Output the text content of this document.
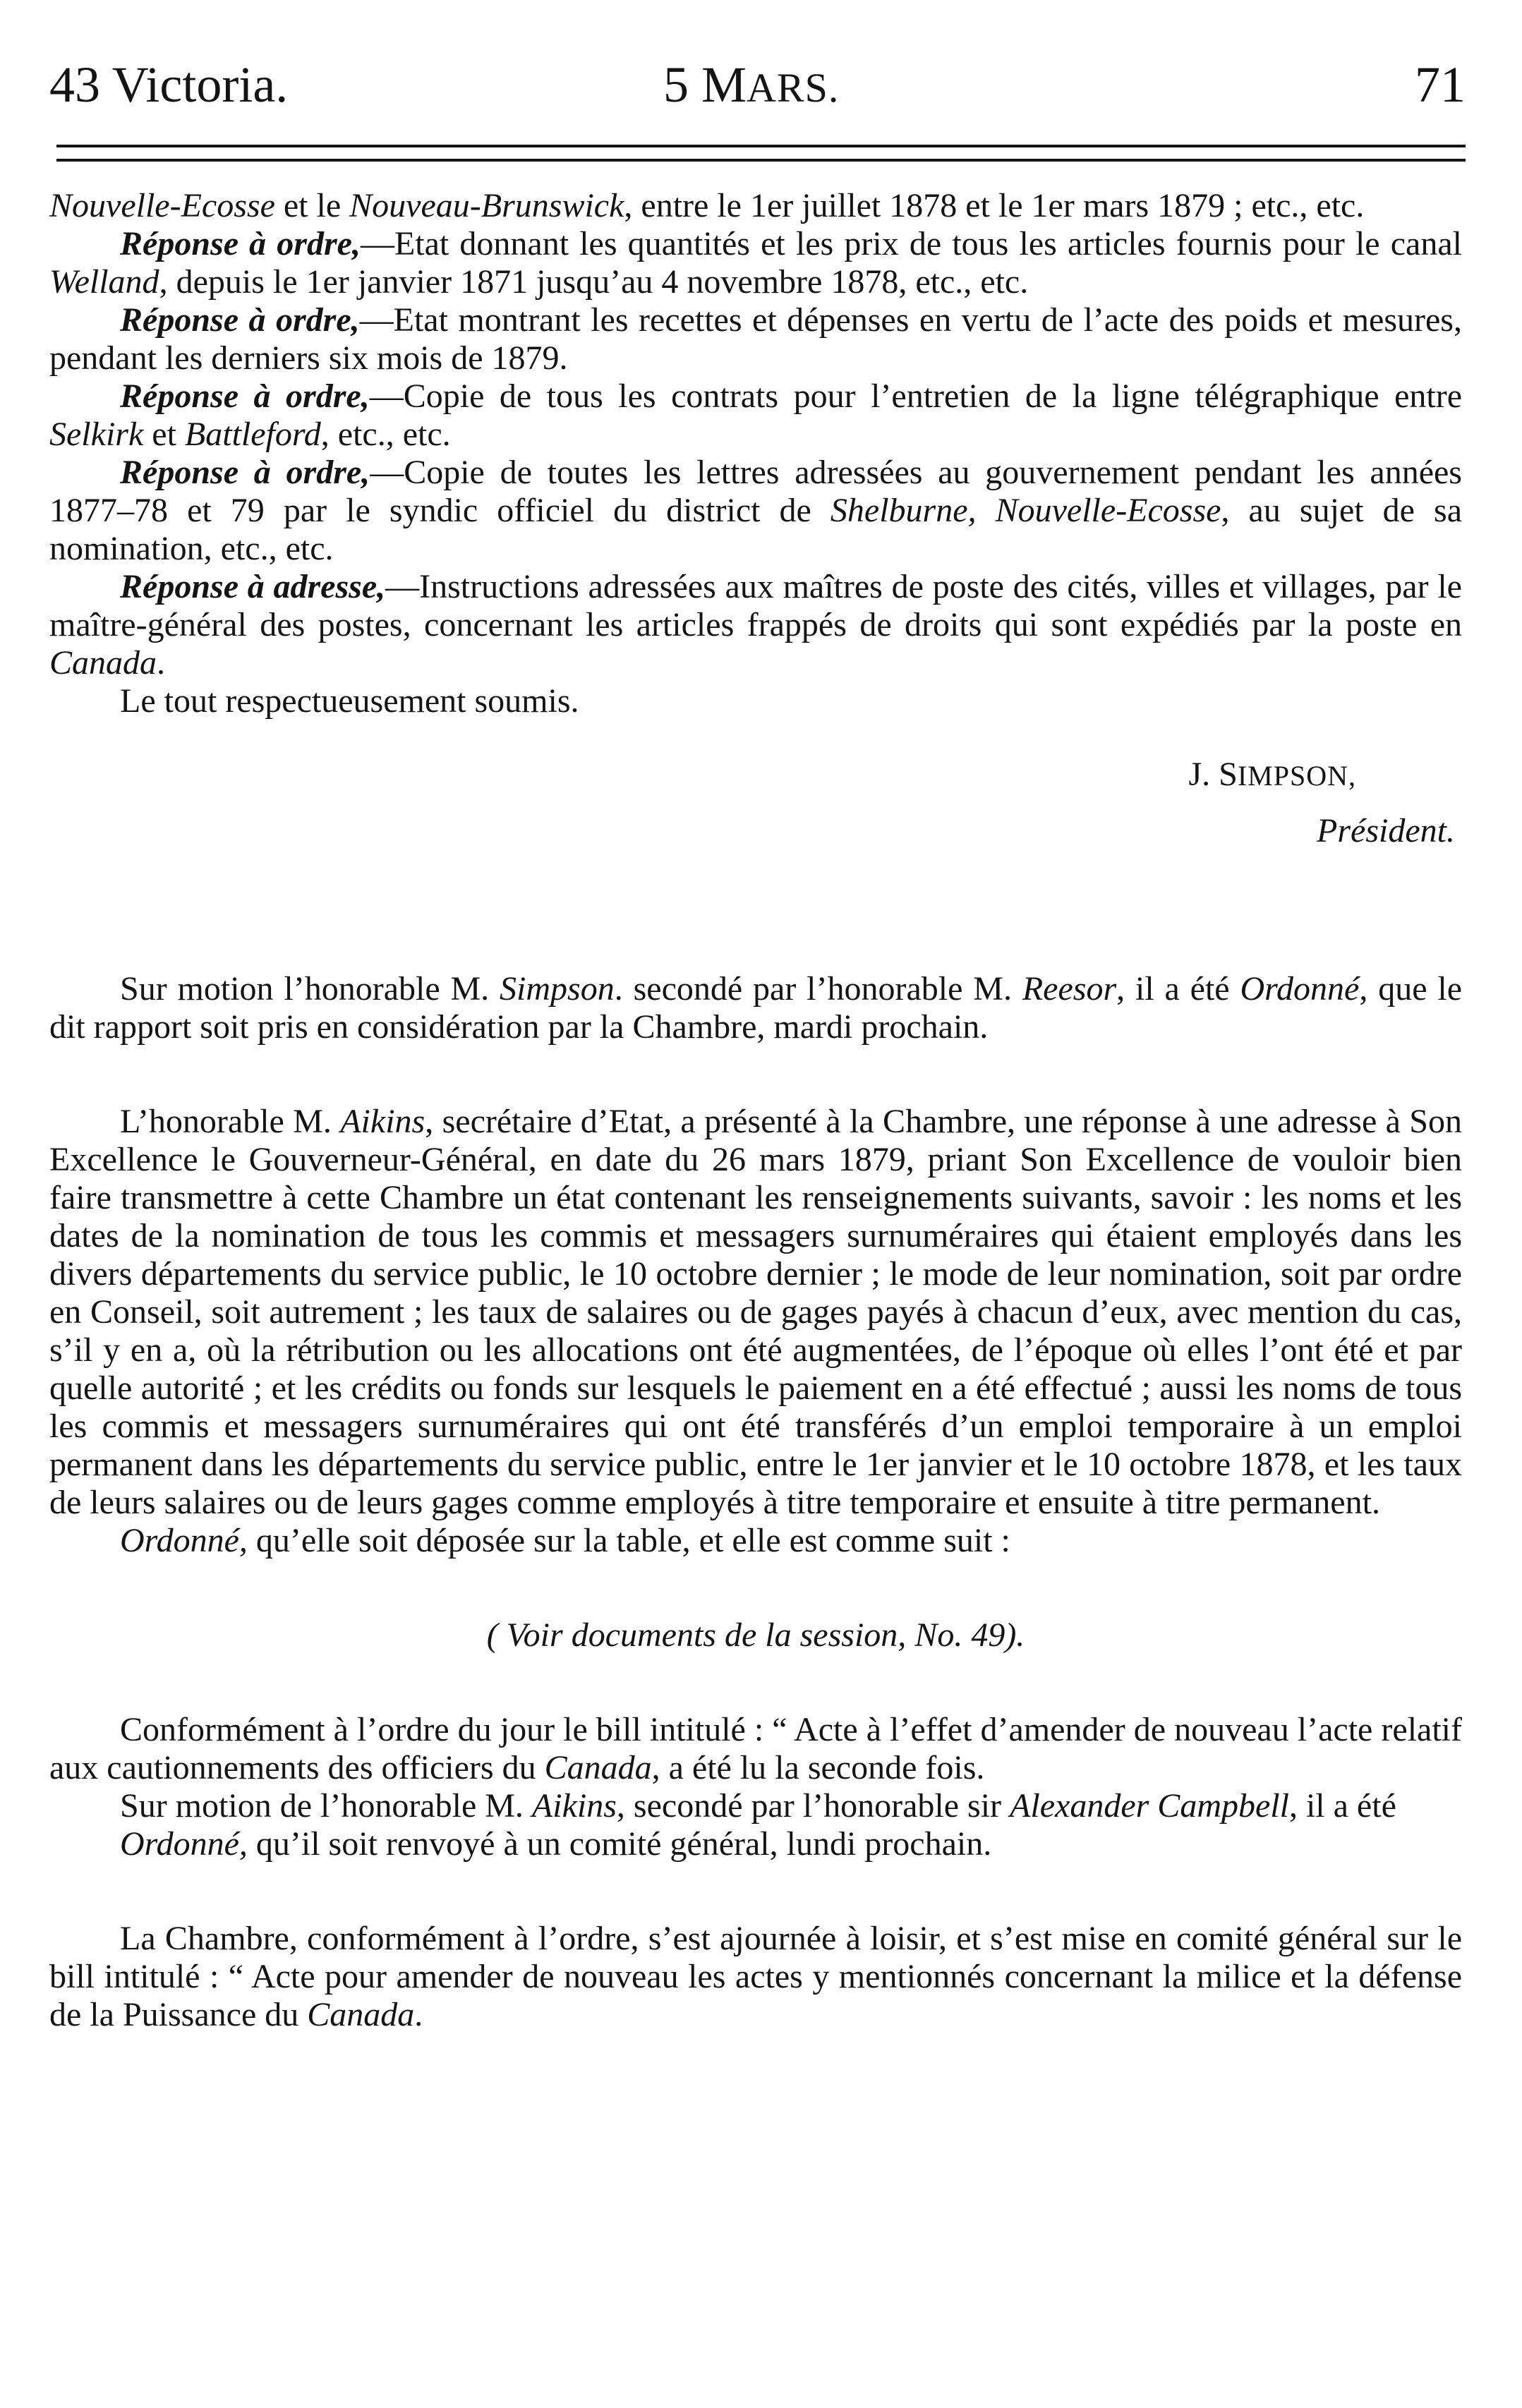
43 Victoria.	5 MARS.	71

Nouvelle-Ecosse et le Nouveau-Brunswick, entre le 1er juillet 1878 et le 1er mars 1879 ; etc., etc.

Réponse à ordre,—Etat donnant les quantités et les prix de tous les articles fournis pour le canal Welland, depuis le 1er janvier 1871 jusqu’au 4 novembre 1878, etc., etc.

Réponse à ordre,—Etat montrant les recettes et dépenses en vertu de l’acte des poids et mesures, pendant les derniers six mois de 1879.

Réponse à ordre,—Copie de tous les contrats pour l’entretien de la ligne télégraphique entre Selkirk et Battleford, etc., etc.

Réponse à ordre,—Copie de toutes les lettres adressées au gouvernement pendant les années 1877–78 et 79 par le syndic officiel du district de Shelburne, Nouvelle-Ecosse, au sujet de sa nomination, etc., etc.

Réponse à adresse,—Instructions adressées aux maîtres de poste des cités, villes et villages, par le maître-général des postes, concernant les articles frappés de droits qui sont expédiés par la poste en Canada.

Le tout respectueusement soumis.

J. SIMPSON,

Président.

Sur motion l’honorable M. Simpson. secondé par l’honorable M. Reesor, il a été Ordonné, que le dit rapport soit pris en considération par la Chambre, mardi prochain.

L’honorable M. Aikins, secrétaire d’Etat, a présenté à la Chambre, une réponse à une adresse à Son Excellence le Gouverneur-Général, en date du 26 mars 1879, priant Son Excellence de vouloir bien faire transmettre à cette Chambre un état contenant les renseignements suivants, savoir : les noms et les dates de la nomination de tous les commis et messagers surnuméraires qui étaient employés dans les divers départements du service public, le 10 octobre dernier ; le mode de leur nomination, soit par ordre en Conseil, soit autrement ; les taux de salaires ou de gages payés à chacun d’eux, avec mention du cas, s’il y en a, où la rétribution ou les allocations ont été augmentées, de l’époque où elles l’ont été et par quelle autorité ; et les crédits ou fonds sur lesquels le paiement en a été effectué ; aussi les noms de tous les commis et messagers surnuméraires qui ont été transférés d’un emploi temporaire à un emploi permanent dans les départements du service public, entre le 1er janvier et le 10 octobre 1878, et les taux de leurs salaires ou de leurs gages comme employés à titre temporaire et ensuite à titre permanent.

Ordonné, qu’elle soit déposée sur la table, et elle est comme suit :

( Voir documents de la session, No. 49).

Conformément à l’ordre du jour le bill intitulé : “ Acte à l’effet d’amender de nouveau l’acte relatif aux cautionnements des officiers du Canada, a été lu la seconde fois.

Sur motion de l’honorable M. Aikins, secondé par l’honorable sir Alexander Campbell, il a été

Ordonné, qu’il soit renvoyé à un comité général, lundi prochain.

La Chambre, conformément à l’ordre, s’est ajournée à loisir, et s’est mise en comité général sur le bill intitulé : “ Acte pour amender de nouveau les actes y mentionnés concernant la milice et la défense de la Puissance du Canada.
